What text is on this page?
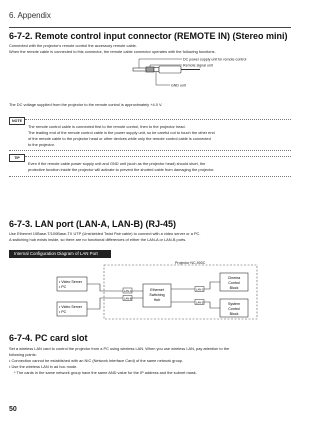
6. Appendix
6-7-2. Remote control input connector (REMOTE IN) (Stereo mini)

Connected with the projector's remote control the accessory remote cable.

When the remote cable is connected to this connector, the remote cable connector operates with the following functions.

DC power supply unit for remote control
Remote signal unit
GND unit

The DC voltage supplied from the projector to the remote control is approximately +4.0 V.

NOTE

The remote control cable is connected first to the remote control, then to the projector head.

The leading end of the remote control cable is the power supply unit, so be careful not to touch the other end

of the remote cable to the projector head or other devices while only the remote control cable is connected

to the projector.

TIP

Even if the remote cable power supply unit and GND unit (such as the projector head) should short, the

protective function inside the projector will activate to prevent the shorted cable from damaging the projector.

6-7-3. LAN port (LAN-A, LAN-B) (RJ-45)

Use Ethernet 10Base-T/100Base-TX UTP (Unshielded Twist Pair cable) to connect with a video server or a PC.

A switching hub exists inside, so there are no functional differences of either the LAN-A or LAN-B ports.

Internal Configuration Diagram of LAN Port
Projector NC-900C
• Video Server
• PC
• Video Server
• PC
LAN-A
LAN-B
Ethernet
Switching
Hub
LAN-C
LAN-D
Cinema
Control
Block
System
Control
Block
6-7-4. PC card slot

Set a wireless LAN card to control the projector from a PC using wireless LAN. When you use wireless LAN, pay attention to the

following points:

• Connection cannot be established with an NIC (Network Interface Card) of the same network group.
• Use the wireless LAN in ad hoc mode.
* The cards in the same network group have the same AND value for the IP address and the subnet mask.
50
